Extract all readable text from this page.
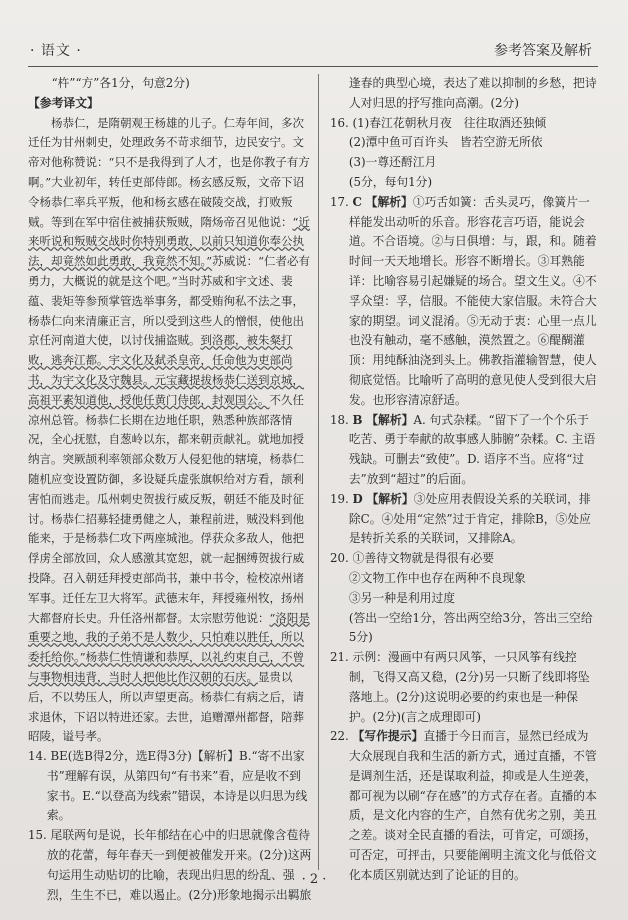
· 语文 ·	参考答案及解析

“杵”“方”各1分，句意2分)

【参考译文】

杨恭仁，是隋朝观王杨雄的儿子。仁寿年间，多次迁任为甘州刺史，处理政务不苛求细节，边民安宁。文帝对他称赞说：“只不是我得到了人才，也是你教子有方啊。”大业初年，转任吏部侍郎。杨玄感反叛，文帝下诏令杨恭仁率兵平叛，他和杨玄感在破陵交战，打败叛贼。等到在军中宿住被捕获叛贼，隋炀帝召见他说：“近来听说和叛贼交战时你特别勇敢，以前只知道你奉公执法，却竟然如此勇敢，我竟然不知。”苏威说：“仁者必有勇力，大概说的就是这个吧。”当时苏威和宇文述、裴蕴、裴矩等参预掌管选举事务，都受贿徇私不法之事，杨恭仁向来清廉正言，所以受到这些人的憎恨，使他出京任河南道大使，以讨伐捕盗贼。到洛郡，被朱粲打败，逃奔江都。宇文化及弑杀皇帝，任命他为吏部尚书，为宇文化及守魏县。元宝藏提拔杨恭仁送到京城，高祖平素知道他，授他任黄门侍郎，封观国公。不久任凉州总管。杨恭仁长期在边地任职，熟悉种族部落情况，全心抚慰，自葱岭以东，都来朝贡献礼。就地加授纳言。突厥颉利率领部众数万人侵犯他的辖境，杨恭仁随机应变设置防御，多设疑兵虚张旗帜给对方看，颉利害怕而逃走。瓜州刺史贺拔行威反叛，朝廷不能及时征讨。杨恭仁招募轻捷勇健之人，兼程前进，贼没料到他能来，于是杨恭仁攻下两座城池。俘获众多敌人，他把俘虏全部放回，众人感激其宽恕，就一起捆缚贺拔行威投降。召入朝廷拜授吏部尚书，兼中书令，检校凉州诸军事。迁任左卫大将军。武德末年，拜授雍州牧，扬州大都督府长史。升任洛州都督。太宗慰劳他说：“洛阳是重要之地，我的子弟不是人数少，只怕难以胜任，所以委托给你。”杨恭仁性情谦和恭厚，以礼约束自己，不曾与事物相违背，当时人把他比作汉朝的石庆。显贵以后，不以势压人，所以声望更高。杨恭仁有病之后，请求退休，下诏以特进还家。去世，追赠潭州都督，陪葬昭陵，谥号孝。

14. BE(选B得2分，选E得3分)【解析】B.“寄不出家书”理解有误，从第四句“有书来”看，应是收不到家书。E.“以登高为线索”错误，本诗是以归思为线索。

15. 尾联两句是说，长年郁结在心中的归思就像含苞待放的花蕾，每年春天一到便被催发开来。(2分)这两句运用生动贴切的比喻，表现出归思的纷乱、强烈，生生不已，难以遏止。(2分)形象地揭示出羁旅

逢春的典型心境，表达了难以抑制的乡愁，把诗人对归思的抒写推向高潮。(2分)

16. (1)春江花朝秋月夜　往往取酒还独倾

(2)潭中鱼可百许头　皆若空游无所依

(3)一尊还酹江月

(5分，每句1分)

17. C 【解析】①巧舌如簧：舌头灵巧，像簧片一样能发出动听的乐音。形容花言巧语，能说会道。不合语境。②与日俱增：与，跟，和。随着时间一天天地增长。形容不断增长。③耳熟能详：比喻容易引起嫌疑的场合。望文生义。④不孚众望：孚，信服。不能使大家信服。未符合大家的期望。词义混淆。⑤无动于衷：心里一点儿也没有触动，毫不感触，漠然置之。⑥醍醐灌顶：用纯酥油浇到头上。佛教指灌输智慧，使人彻底觉悟。比喻听了高明的意见使人受到很大启发。也形容清凉舒适。

18. B 【解析】A. 句式杂糅。“留下了一个个乐于吃苦、勇于奉献的故事感人肺腑”杂糅。C. 主语残缺。可删去“致使”。D. 语序不当。应将“过去”放到“超过”的后面。

19. D 【解析】③处应用表假设关系的关联词，排除C。④处用“定然”过于肯定，排除B，⑤处应是转折关系的关联词，又排除A。

20. ①善待文物就是得很有必要

②文物工作中也存在两种不良现象

③另一种是利用过度

(答出一空给1分，答出两空给3分，答出三空给5分)

21. 示例：漫画中有两只风筝，一只风筝有线控制，飞得又高又稳，(2分)另一只断了线即将坠落地上。(2分)这说明必要的约束也是一种保护。(2分)(言之成理即可)

22. 【写作提示】直播于今日而言，显然已经成为大众展现自我和生活的新方式，通过直播，不管是调剂生活，还是谋取利益，抑或是人生逆袭，都可视为以刷“存在感”的方式存在者。直播的本质，是文化内容的生产，自然有优劣之别，美丑之差。谈对全民直播的看法，可肯定，可颂扬，可否定，可抨击，只要能阐明主流文化与低俗文化本质区别就达到了论证的目的。

· 2 ·
